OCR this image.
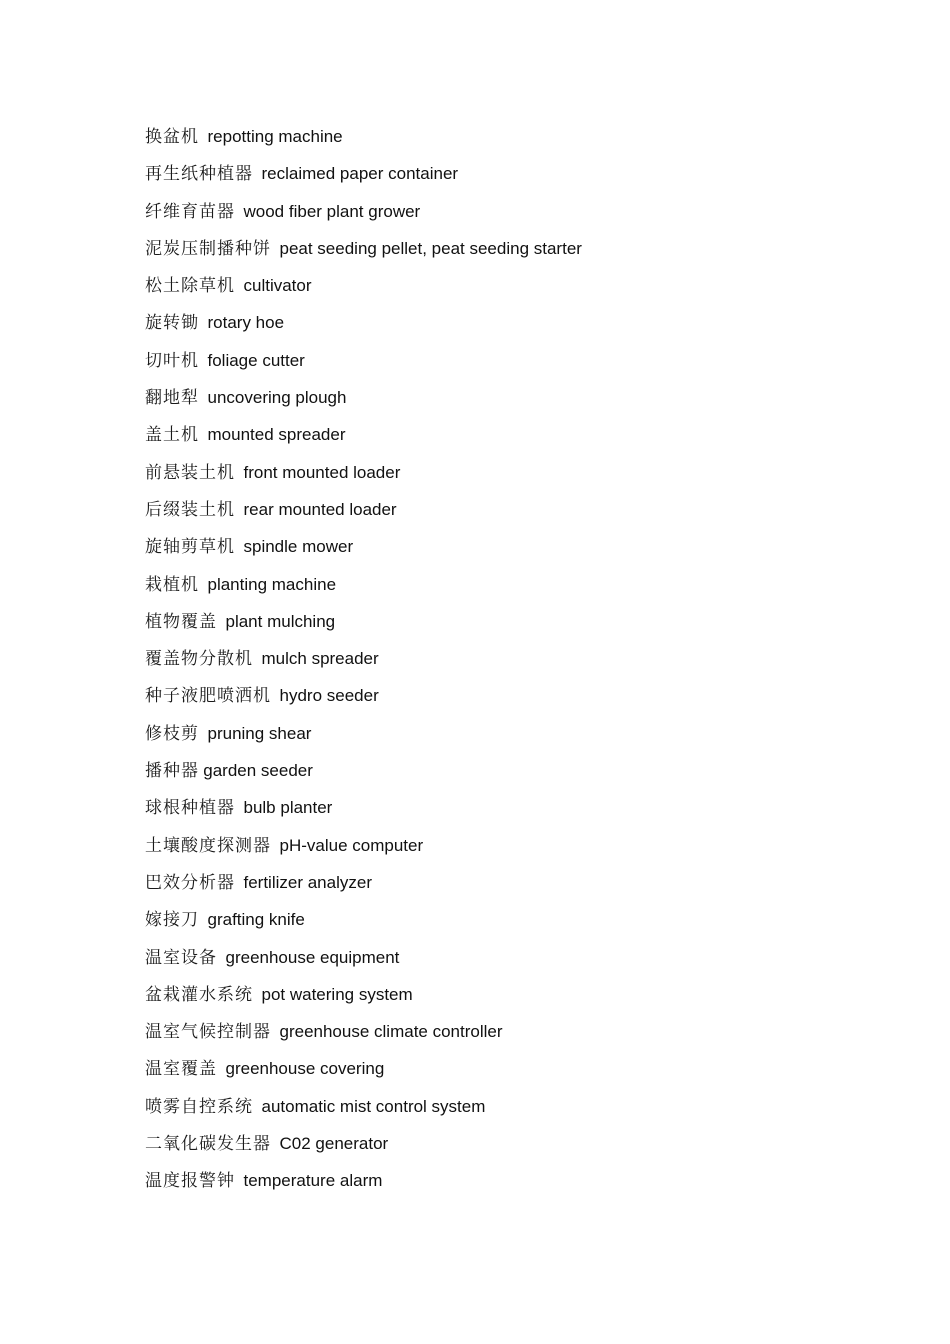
换盆机 repotting machine
再生纸种植器 reclaimed paper container
纤维育苗器 wood fiber plant grower
泥炭压制播种饼 peat seeding pellet, peat seeding starter
松土除草机 cultivator
旋转锄 rotary hoe
切叶机 foliage cutter
翻地犁 uncovering plough
盖土机 mounted spreader
前悬装土机 front mounted loader
后缀装土机 rear mounted loader
旋轴剪草机 spindle mower
栽植机 planting machine
植物覆盖 plant mulching
覆盖物分散机 mulch spreader
种子液肥喷洒机 hydro seeder
修枝剪 pruning shear
播种器 garden seeder
球根种植器 bulb planter
土壤酸度探测器 pH-value computer
巴效分析器 fertilizer analyzer
嫁接刀 grafting knife
温室设备 greenhouse equipment
盆栽灌水系统 pot watering system
温室气候控制器 greenhouse climate controller
温室覆盖 greenhouse covering
喷雾自控系统 automatic mist control system
二氧化碳发生器 C02 generator
温度报警钟 temperature alarm
